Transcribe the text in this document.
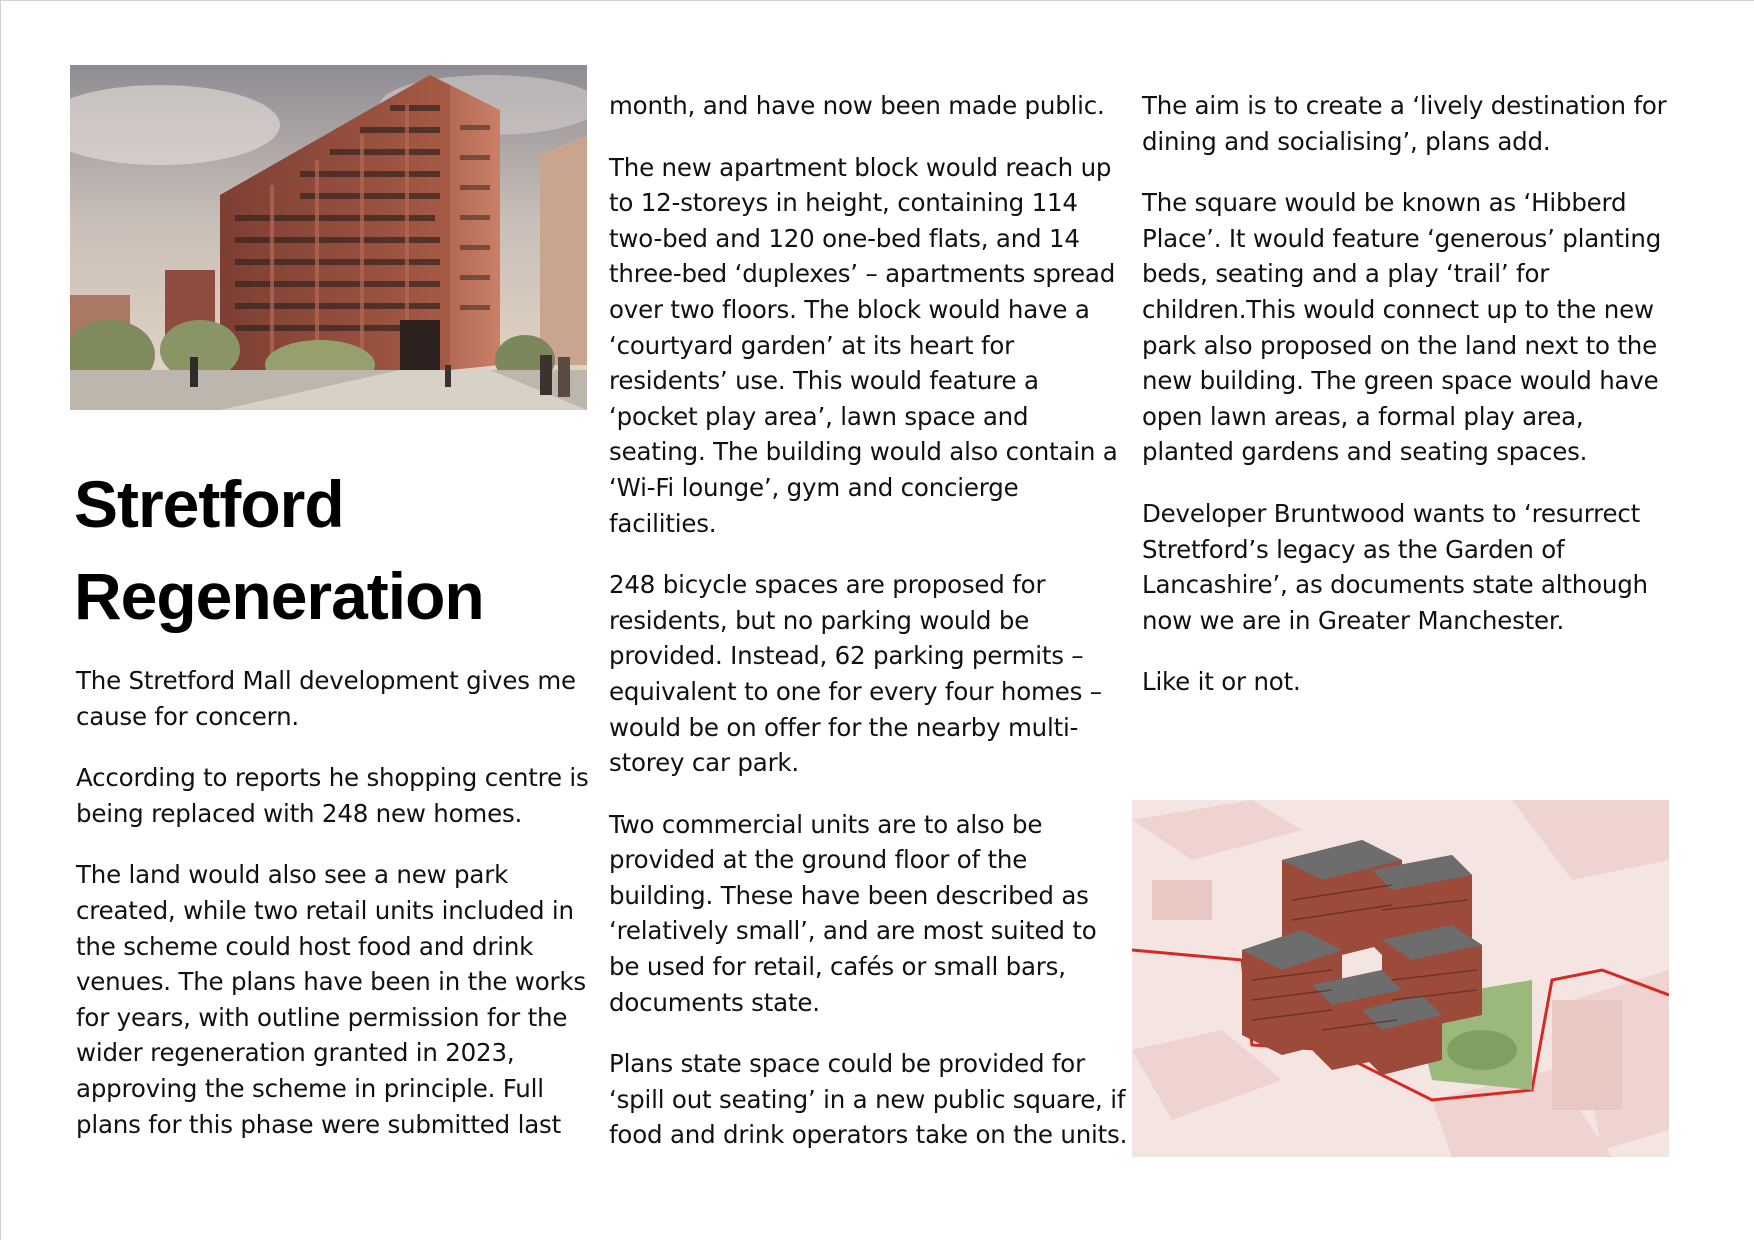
Stretford
Regeneration

The Stretford Mall development gives me cause for concern.

According to reports he shopping centre is being replaced with 248 new homes.

The land would also see a new park created, while two retail units included in the scheme could host food and drink venues. The plans have been in the works for years, with outline permission for the wider regeneration granted in 2023, approving the scheme in principle. Full plans for this phase were submitted last

month, and have now been made public.

The new apartment block would reach up to 12-storeys in height, containing 114 two-bed and 120 one-bed flats, and 14 three-bed ‘duplexes’ – apartments spread over two floors. The block would have a ‘courtyard garden’ at its heart for residents’ use. This would feature a ‘pocket play area’, lawn space and seating. The building would also contain a ‘Wi-Fi lounge’, gym and concierge facilities.

248 bicycle spaces are proposed for residents, but no parking would be provided. Instead, 62 parking permits – equivalent to one for every four homes – would be on offer for the nearby multi-storey car park.

Two commercial units are to also be provided at the ground floor of the building. These have been described as ‘relatively small’, and are most suited to be used for retail, cafés or small bars, documents state.

Plans state space could be provided for ‘spill out seating’ in a new public square, if food and drink operators take on the units.

The aim is to create a ‘lively destination for dining and socialising’, plans add.

The square would be known as ‘Hibberd Place’. It would feature ‘generous’ planting beds, seating and a play ‘trail’ for children.This would connect up to the new park also proposed on the land next to the new building. The green space would have open lawn areas, a formal play area, planted gardens and seating spaces.

Developer Bruntwood wants to ‘resurrect Stretford’s legacy as the Garden of Lancashire’, as documents state although now we are in Greater Manchester.

Like it or not.
